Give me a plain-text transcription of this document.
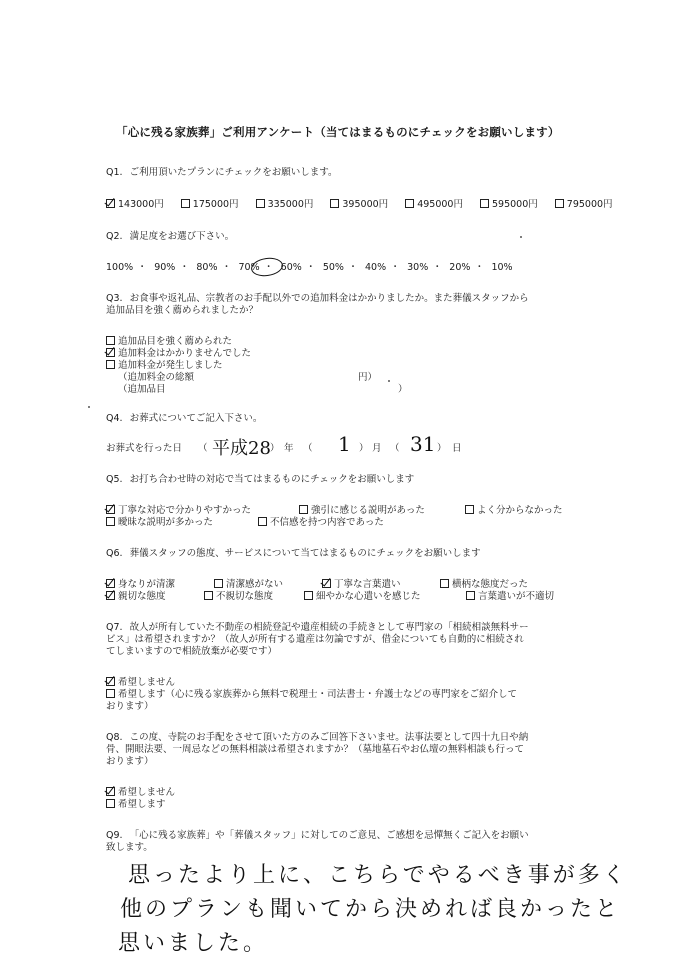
「心に残る家族葬」ご利用アンケート（当てはまるものにチェックをお願いします）
Q1. ご利用頂いたプランにチェックをお願いします。
143000円	175000円	335000円	395000円	495000円	595000円	795000円
Q2. 満足度をお選び下さい。
100% ・ 90% ・ 80% ・ 70% ・ 60% ・ 50% ・ 40% ・ 30% ・ 20% ・ 10%
Q3. お食事や返礼品、宗教者のお手配以外での追加料金はかかりましたか。また葬儀スタッフから
追加品目を強く薦められましたか？
追加品目を強く薦められた
追加料金はかかりませんでした
追加料金が発生しました
（追加料金の総額	円）
（追加品目	）
Q4. お葬式についてご記入下さい。
お葬式を行った日 （ 平成28 ） 年 （ 1 ） 月 （ 31 ） 日
Q5. お打ち合わせ時の対応で当てはまるものにチェックをお願いします
丁寧な対応で分かりやすかった	強引に感じる説明があった	よく分からなかった
曖昧な説明が多かった	不信感を持つ内容であった
Q6. 葬儀スタッフの態度、サービスについて当てはまるものにチェックをお願いします
身なりが清潔	清潔感がない	丁寧な言葉遣い	横柄な態度だった
親切な態度	不親切な態度	細やかな心遣いを感じた	言葉遣いが不適切
Q7. 故人が所有していた不動産の相続登記や遺産相続の手続きとして専門家の「相続相談無料サー
ビス」は希望されますか？（故人が所有する遺産は勿論ですが、借金についても自動的に相続され
てしまいますので相続放棄が必要です）
希望しません
希望します（心に残る家族葬から無料で税理士・司法書士・弁護士などの専門家をご紹介して
おります）
Q8. この度、寺院のお手配をさせて頂いた方のみご回答下さいませ。法事法要として四十九日や納
骨、開眼法要、一周忌などの無料相談は希望されますか？（墓地墓石やお仏壇の無料相談も行って
おります）
希望しません
希望します
Q9. 「心に残る家族葬」や「葬儀スタッフ」に対してのご意見、ご感想を忌憚無くご記入をお願い
致します。
思ったより上に、こちらでやるべき事が多く
他のプランも聞いてから決めれば良かったと
思いました。
